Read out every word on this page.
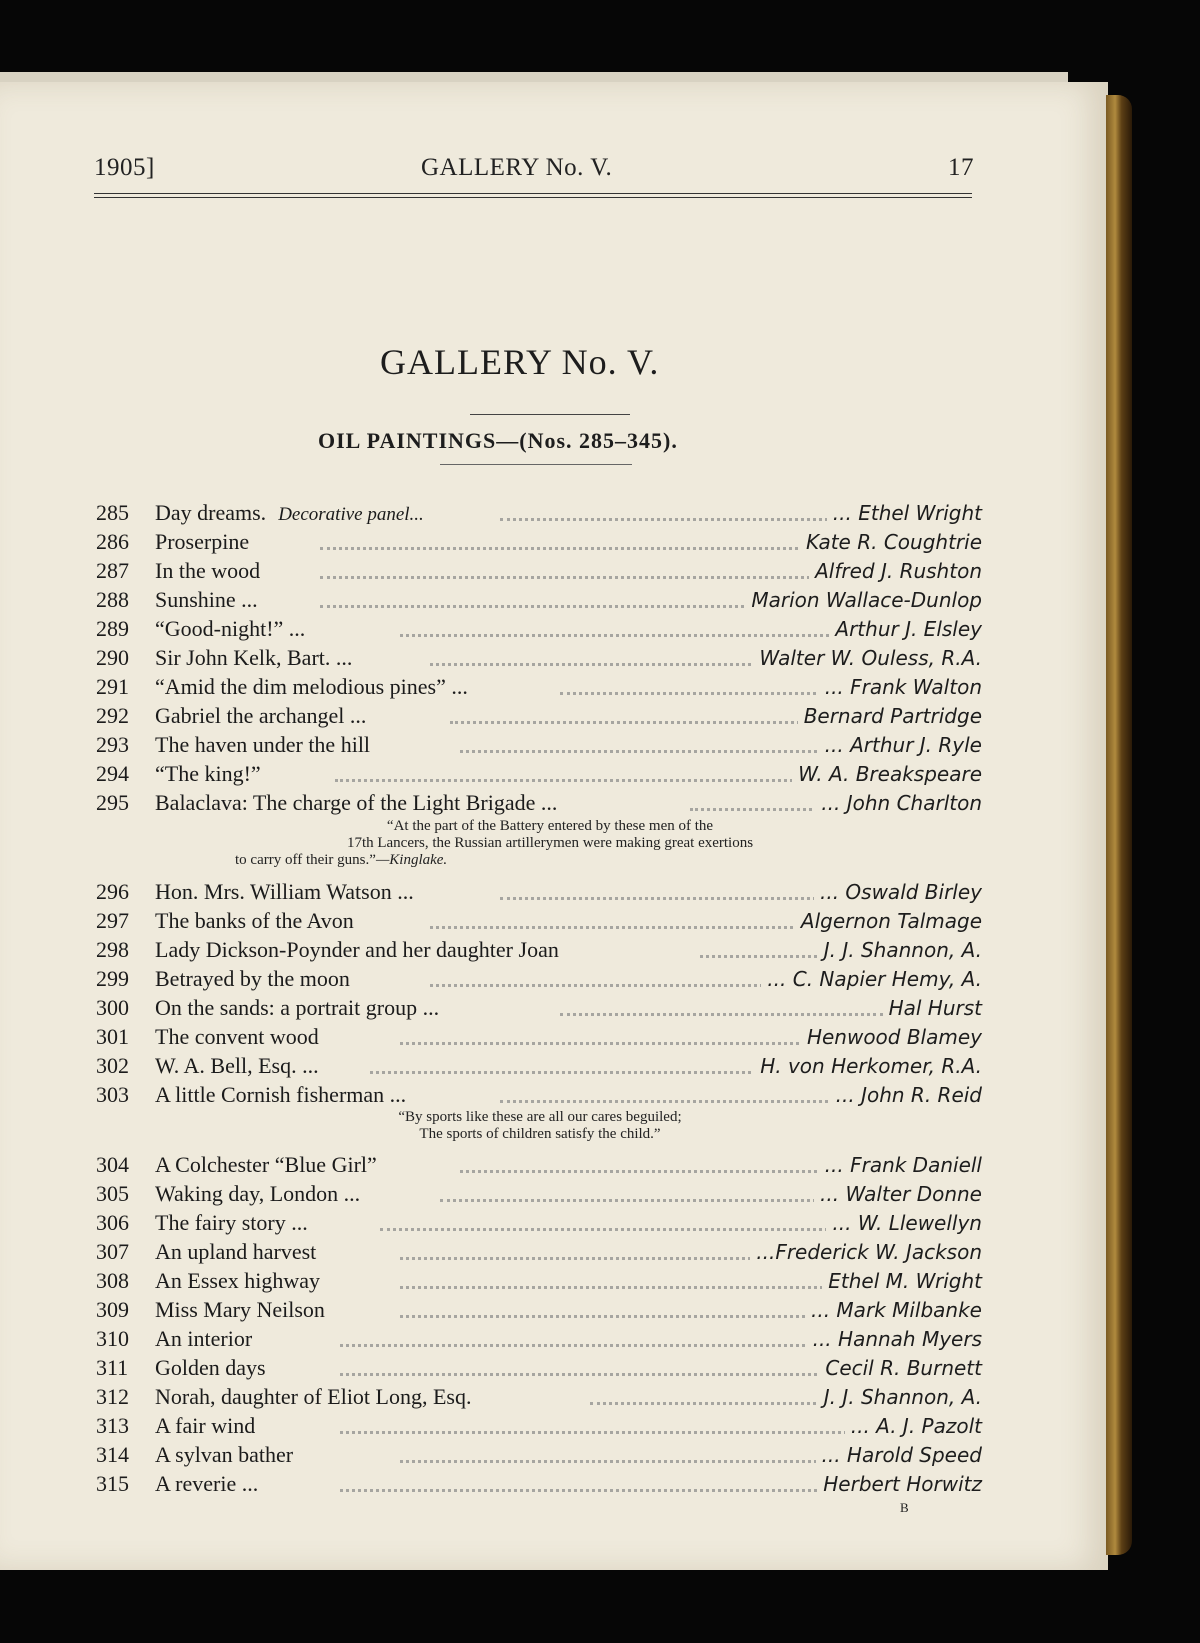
1905]	GALLERY No. V.	17
GALLERY No. V.
OIL PAINTINGS—(Nos. 285–345).
285 Day dreams. Decorative panel...	... Ethel Wright
286 Proserpine	Kate R. Coughtrie
287 In the wood	Alfred J. Rushton
288 Sunshine ...	Marion Wallace-Dunlop
289 “Good-night!” ...	Arthur J. Elsley
290 Sir John Kelk, Bart. ...	Walter W. Ouless, R.A.
291 “Amid the dim melodious pines” ...	... Frank Walton
292 Gabriel the archangel ...	Bernard Partridge
293 The haven under the hill	... Arthur J. Ryle
294 “The king!”	W. A. Breakspeare
295 Balaclava: The charge of the Light Brigade ...	... John Charlton
“At the part of the Battery entered by these men of the
17th Lancers, the Russian artillerymen were making great exertions
to carry off their guns.”—Kinglake.
296 Hon. Mrs. William Watson ...	... Oswald Birley
297 The banks of the Avon	Algernon Talmage
298 Lady Dickson-Poynder and her daughter Joan	J. J. Shannon, A.
299 Betrayed by the moon	... C. Napier Hemy, A.
300 On the sands: a portrait group ...	Hal Hurst
301 The convent wood	Henwood Blamey
302 W. A. Bell, Esq. ...	H. von Herkomer, R.A.
303 A little Cornish fisherman ...	... John R. Reid
“By sports like these are all our cares beguiled;
The sports of children satisfy the child.”
304 A Colchester “Blue Girl”	... Frank Daniell
305 Waking day, London ...	... Walter Donne
306 The fairy story ...	... W. Llewellyn
307 An upland harvest	...Frederick W. Jackson
308 An Essex highway	Ethel M. Wright
309 Miss Mary Neilson	... Mark Milbanke
310 An interior	... Hannah Myers
311 Golden days	Cecil R. Burnett
312 Norah, daughter of Eliot Long, Esq.	J. J. Shannon, A.
313 A fair wind	... A. J. Pazolt
314 A sylvan bather	... Harold Speed
315 A reverie ...	Herbert Horwitz
B
